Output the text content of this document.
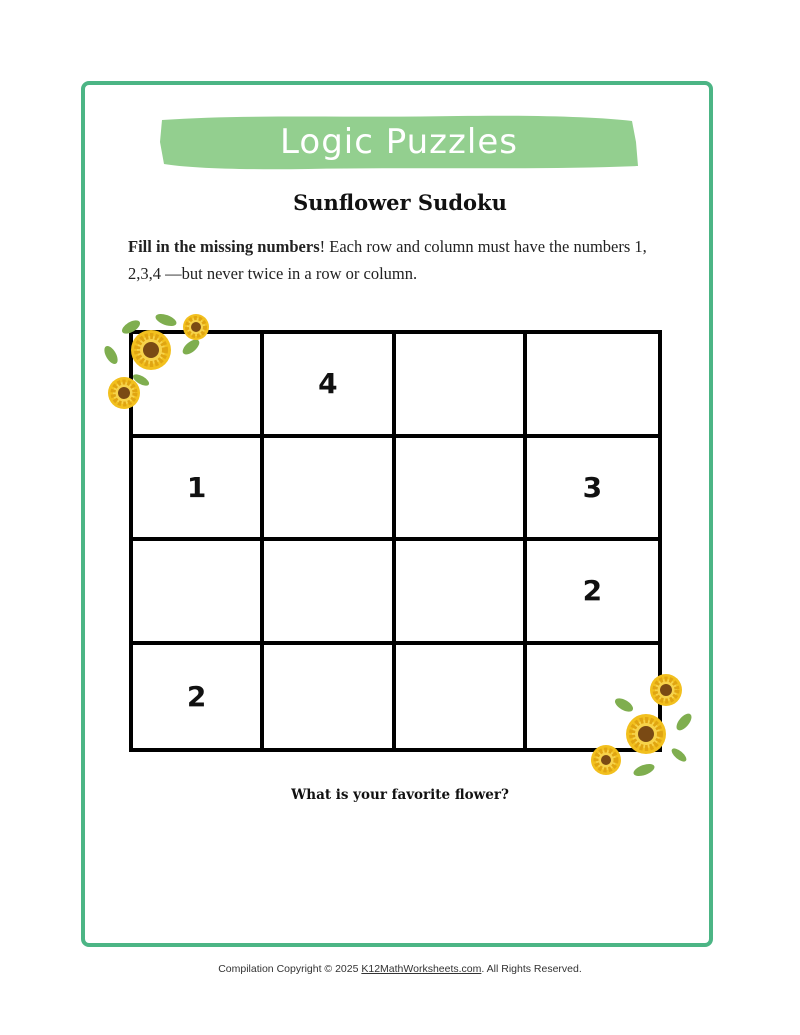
Logic Puzzles
Sunflower Sudoku
Fill in the missing numbers! Each row and column must have the numbers 1, 2,3,4 —but never twice in a row or column.
4
1	3
2
2
What is your favorite flower?
Compilation Copyright © 2025 K12MathWorksheets.com. All Rights Reserved.
